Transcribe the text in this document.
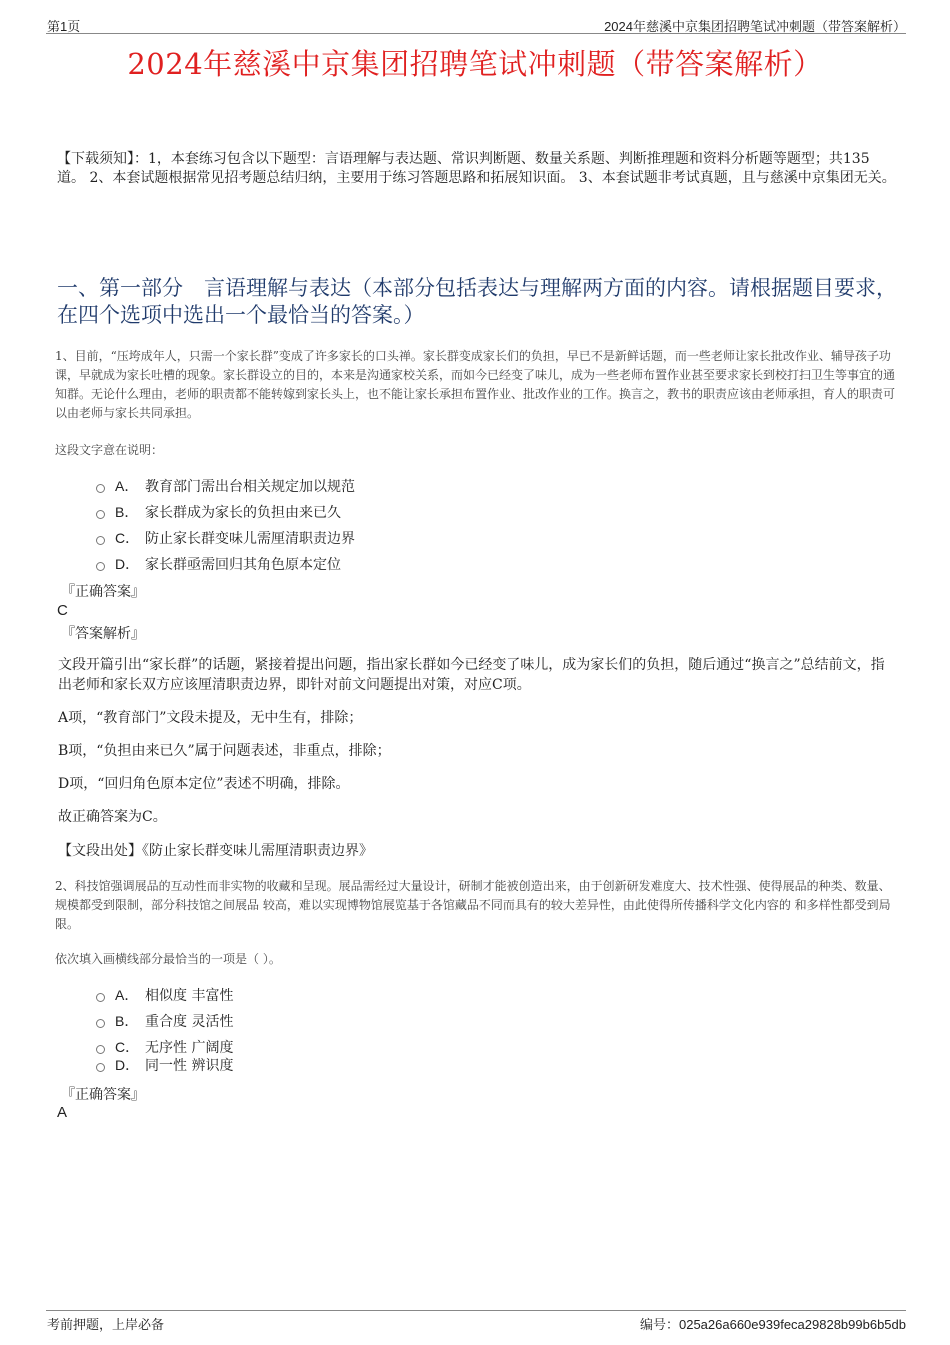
第1页	2024年慈溪中京集团招聘笔试冲刺题（带答案解析）
2024年慈溪中京集团招聘笔试冲刺题（带答案解析）
【下载须知】：1，本套练习包含以下题型：言语理解与表达题、常识判断题、数量关系题、判断推理题和资料分析题等题型；共135道。 2、本套试题根据常见招考题总结归纳，主要用于练习答题思路和拓展知识面。 3、本套试题非考试真题，且与慈溪中京集团无关。
一、第一部分　言语理解与表达（本部分包括表达与理解两方面的内容。请根据题目要求，在四个选项中选出一个最恰当的答案。）
1、目前，“压垮成年人，只需一个家长群”变成了许多家长的口头禅。家长群变成家长们的负担，早已不是新鲜话题，而一些老师让家长批改作业、辅导孩子功课，早就成为家长吐槽的现象。家长群设立的目的，本来是沟通家校关系，而如今已经变了味儿，成为一些老师布置作业甚至要求家长到校打扫卫生等事宜的通知群。无论什么理由，老师的职责都不能转嫁到家长头上，也不能让家长承担布置作业、批改作业的工作。换言之，教书的职责应该由老师承担，育人的职责可以由老师与家长共同承担。
这段文字意在说明：
A． 教育部门需出台相关规定加以规范
B． 家长群成为家长的负担由来已久
C． 防止家长群变味儿需厘清职责边界
D． 家长群亟需回归其角色原本定位
『正确答案』
C
『答案解析』
文段开篇引出“家长群”的话题，紧接着提出问题，指出家长群如今已经变了味儿，成为家长们的负担，随后通过“换言之”总结前文，指出老师和家长双方应该厘清职责边界，即针对前文问题提出对策，对应C项。
A项，“教育部门”文段未提及，无中生有，排除；
B项，“负担由来已久”属于问题表述，非重点，排除；
D项，“回归角色原本定位”表述不明确，排除。
故正确答案为C。
【文段出处】《防止家长群变味儿需厘清职责边界》
2、科技馆强调展品的互动性而非实物的收藏和呈现。展品需经过大量设计，研制才能被创造出来，由于创新研发难度大、技术性强、使得展品的种类、数量、规模都受到限制，部分科技馆之间展品 较高，难以实现博物馆展览基于各馆藏品不同而具有的较大差异性，由此使得所传播科学文化内容的 和多样性都受到局限。
依次填入画横线部分最恰当的一项是（ ）。
A． 相似度 丰富性
B． 重合度 灵活性
C． 无序性 广阔度
D． 同一性 辨识度
『正确答案』
A
考前押题，上岸必备	编号：025a26a660e939feca29828b99b6b5db
